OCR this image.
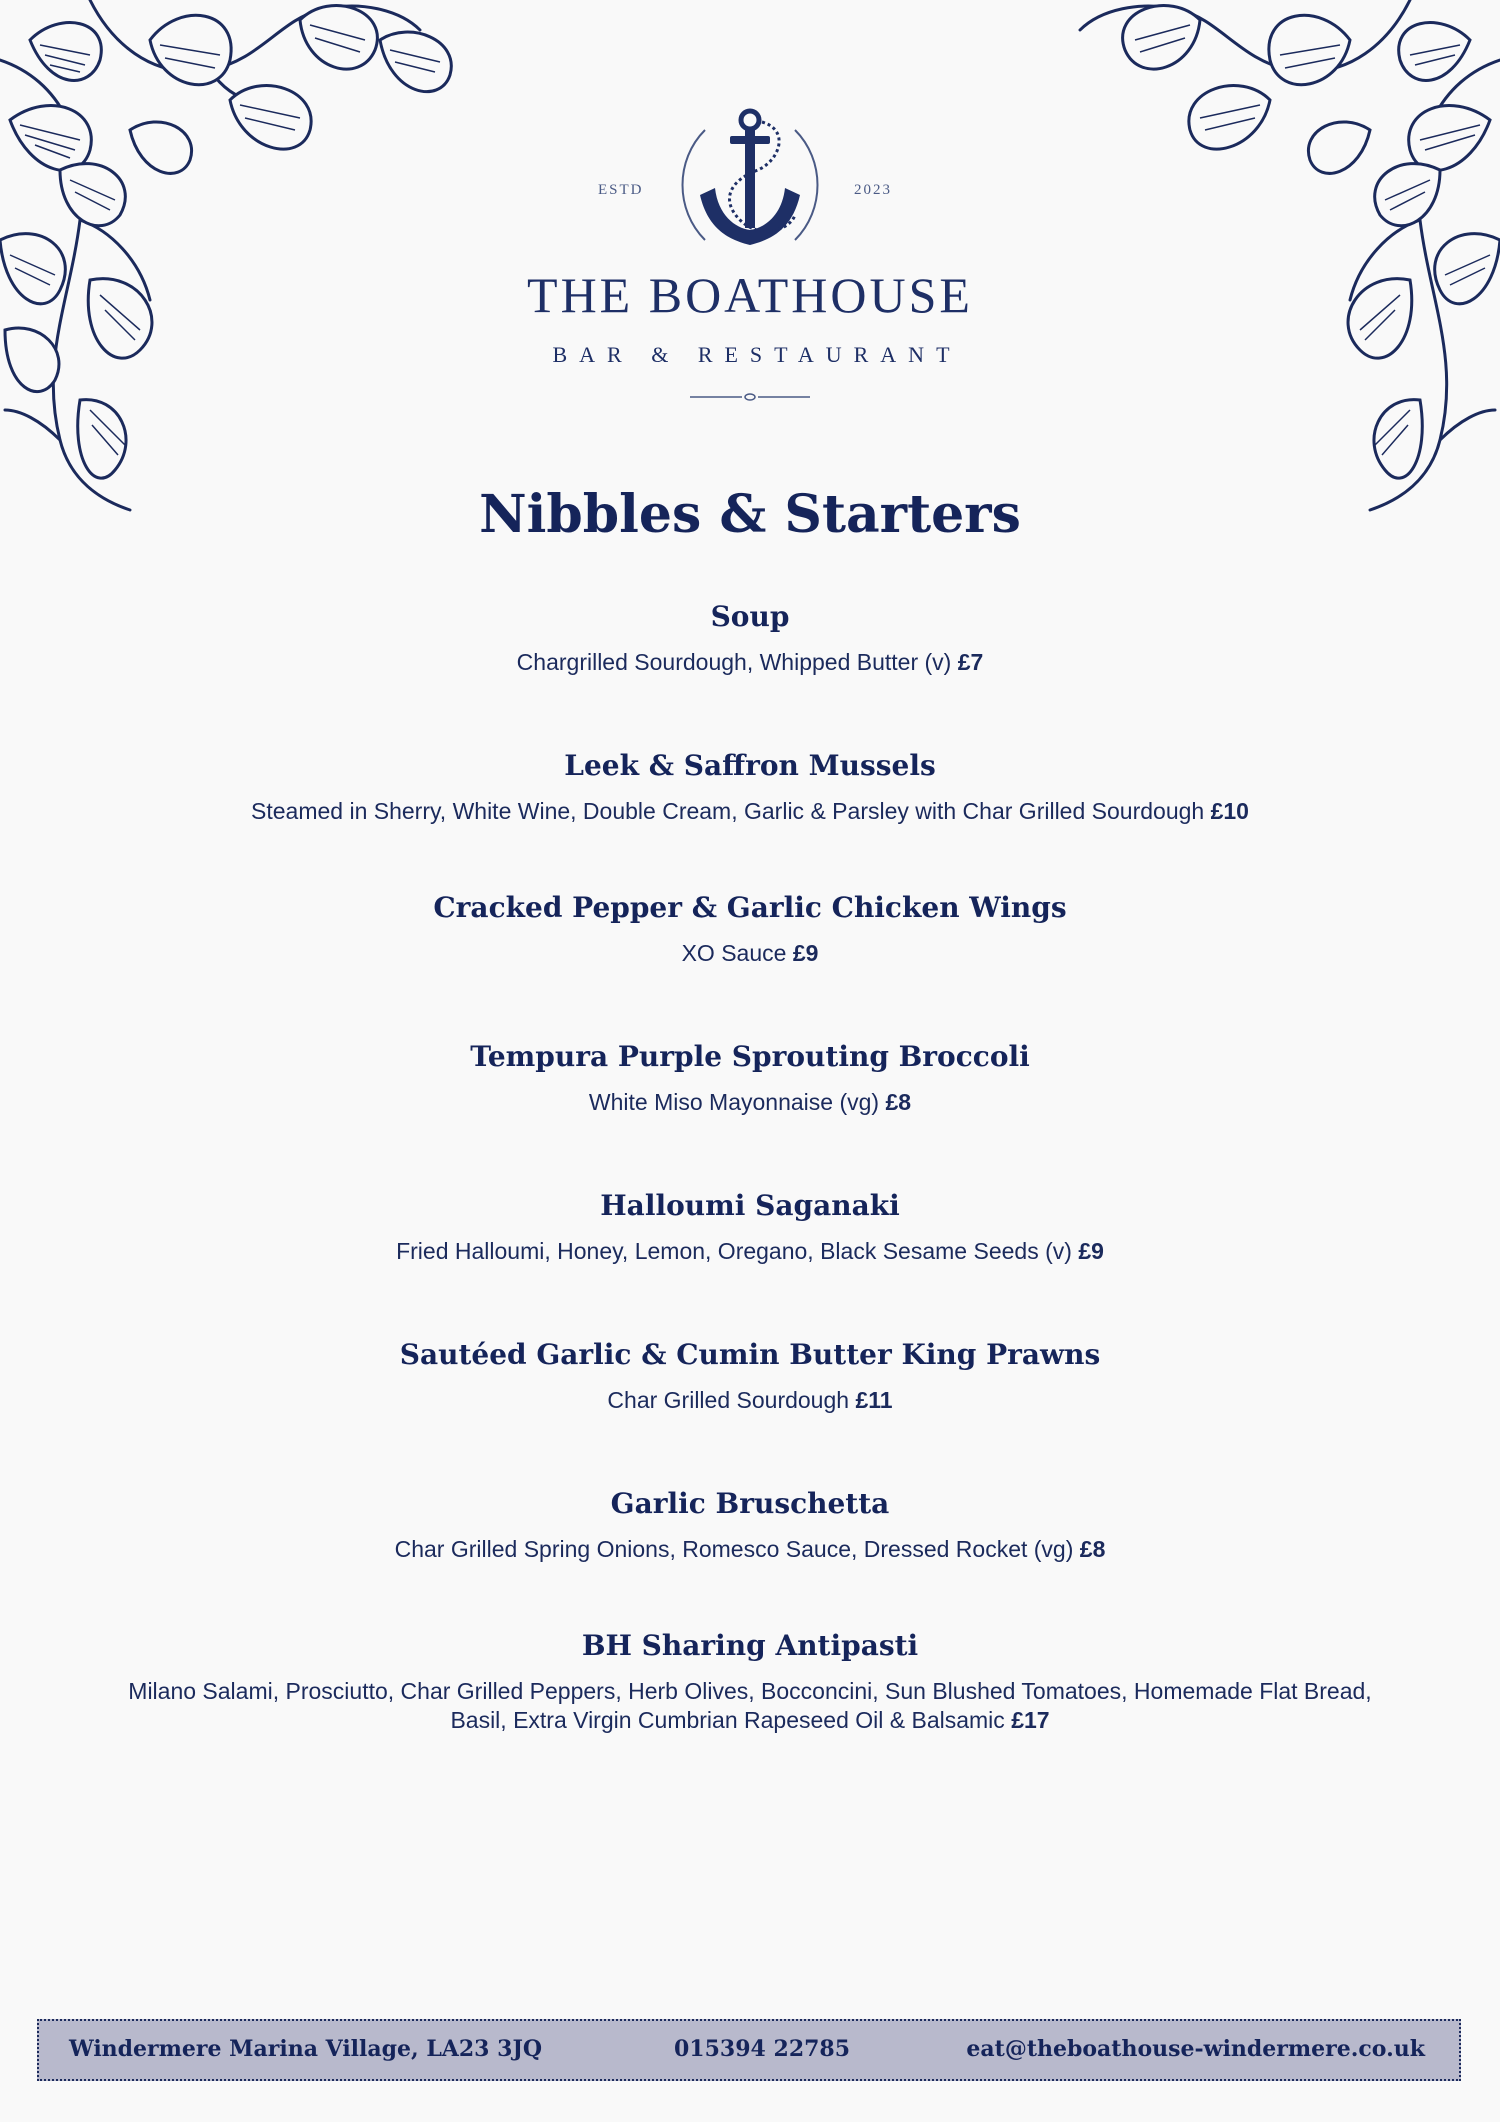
ESTD	2023
THE BOATHOUSE
BAR & RESTAURANT
Nibbles & Starters

Soup

Chargrilled Sourdough, Whipped Butter (v) £7

Leek & Saffron Mussels

Steamed in Sherry, White Wine, Double Cream, Garlic & Parsley with Char Grilled Sourdough £10

Cracked Pepper & Garlic Chicken Wings

XO Sauce £9

Tempura Purple Sprouting Broccoli

White Miso Mayonnaise (vg) £8

Halloumi Saganaki

Fried Halloumi, Honey, Lemon, Oregano, Black Sesame Seeds (v) £9

Sautéed Garlic & Cumin Butter King Prawns

Char Grilled Sourdough £11

Garlic Bruschetta

Char Grilled Spring Onions, Romesco Sauce, Dressed Rocket (vg) £8

BH Sharing Antipasti

Milano Salami, Prosciutto, Char Grilled Peppers, Herb Olives, Bocconcini, Sun Blushed Tomatoes, Homemade Flat Bread, Basil, Extra Virgin Cumbrian Rapeseed Oil & Balsamic £17

Windermere Marina Village, LA23 3JQ	015394 22785	eat@theboathouse-windermere.co.uk
